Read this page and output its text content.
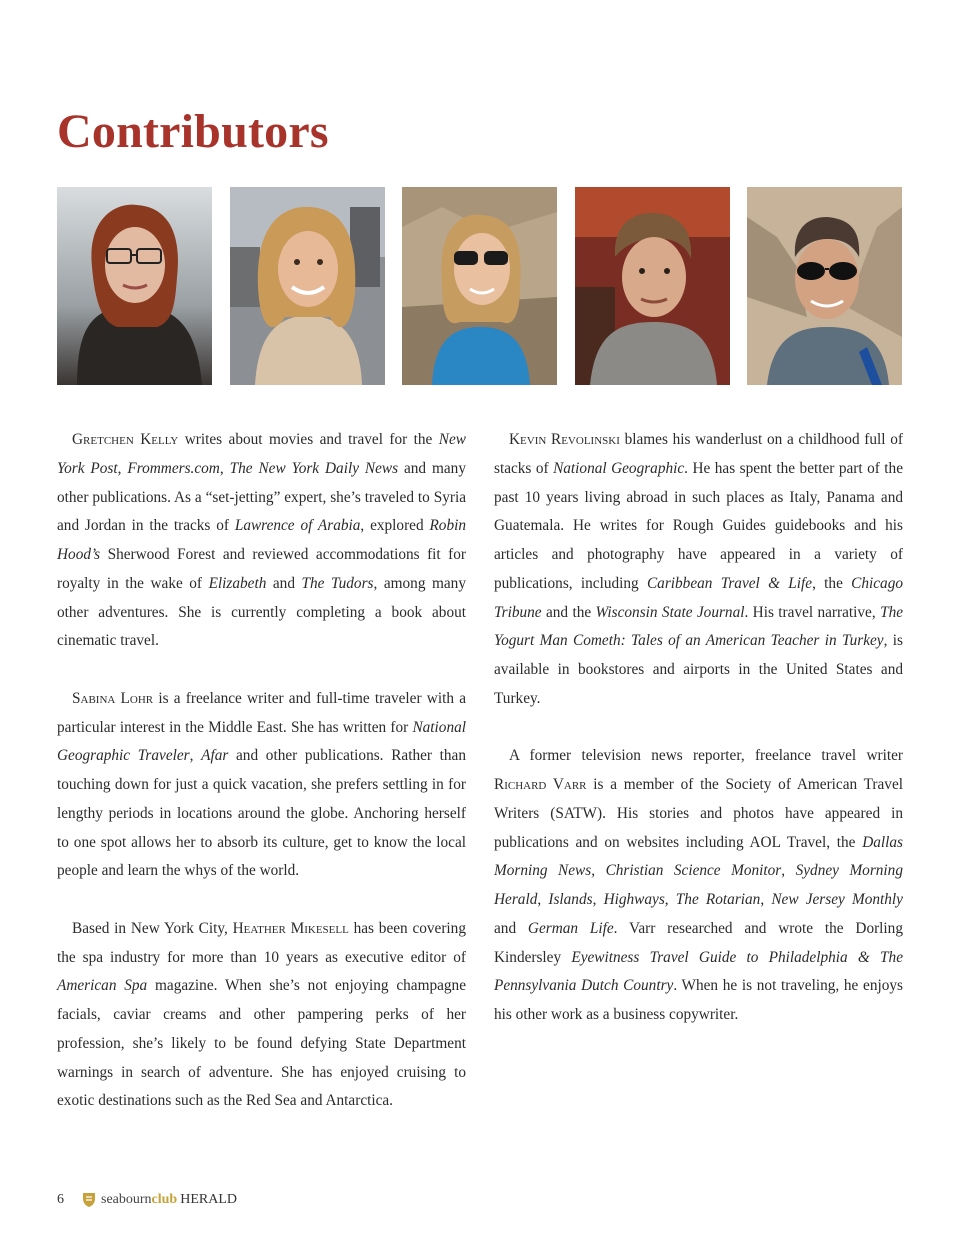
Contributors

Gretchen Kelly writes about movies and travel for the New York Post, Frommers.com, The New York Daily News and many other publications. As a “set-jetting” expert, she’s traveled to Syria and Jordan in the tracks of Lawrence of Arabia, explored Robin Hood’s Sherwood Forest and reviewed accommodations fit for royalty in the wake of Elizabeth and The Tudors, among many other adventures. She is currently completing a book about cinematic travel.

Sabina Lohr is a freelance writer and full-time traveler with a particular interest in the Middle East. She has written for National Geographic Traveler, Afar and other publications. Rather than touching down for just a quick vacation, she prefers settling in for lengthy periods in locations around the globe. Anchoring herself to one spot allows her to absorb its culture, get to know the local people and learn the whys of the world.

Based in New York City, Heather Mikesell has been covering the spa industry for more than 10 years as executive editor of American Spa magazine. When she’s not enjoying champagne facials, caviar creams and other pampering perks of her profession, she’s likely to be found defying State Department warnings in search of adventure. She has enjoyed cruising to exotic destinations such as the Red Sea and Antarctica.

Kevin Revolinski blames his wanderlust on a childhood full of stacks of National Geographic. He has spent the better part of the past 10 years living abroad in such places as Italy, Panama and Guatemala. He writes for Rough Guides guidebooks and his articles and photography have appeared in a variety of publications, including Caribbean Travel & Life, the Chicago Tribune and the Wisconsin State Journal. His travel narrative, The Yogurt Man Cometh: Tales of an American Teacher in Turkey, is available in bookstores and airports in the United States and Turkey.

A former television news reporter, freelance travel writer Richard Varr is a member of the Society of American Travel Writers (SATW). His stories and photos have appeared in publications and on websites including AOL Travel, the Dallas Morning News, Christian Science Monitor, Sydney Morning Herald, Islands, Highways, The Rotarian, New Jersey Monthly and German Life. Varr researched and wrote the Dorling Kindersley Eyewitness Travel Guide to Philadelphia & The Pennsylvania Dutch Country. When he is not traveling, he enjoys his other work as a business copywriter.

6	seabourn club HERALD
